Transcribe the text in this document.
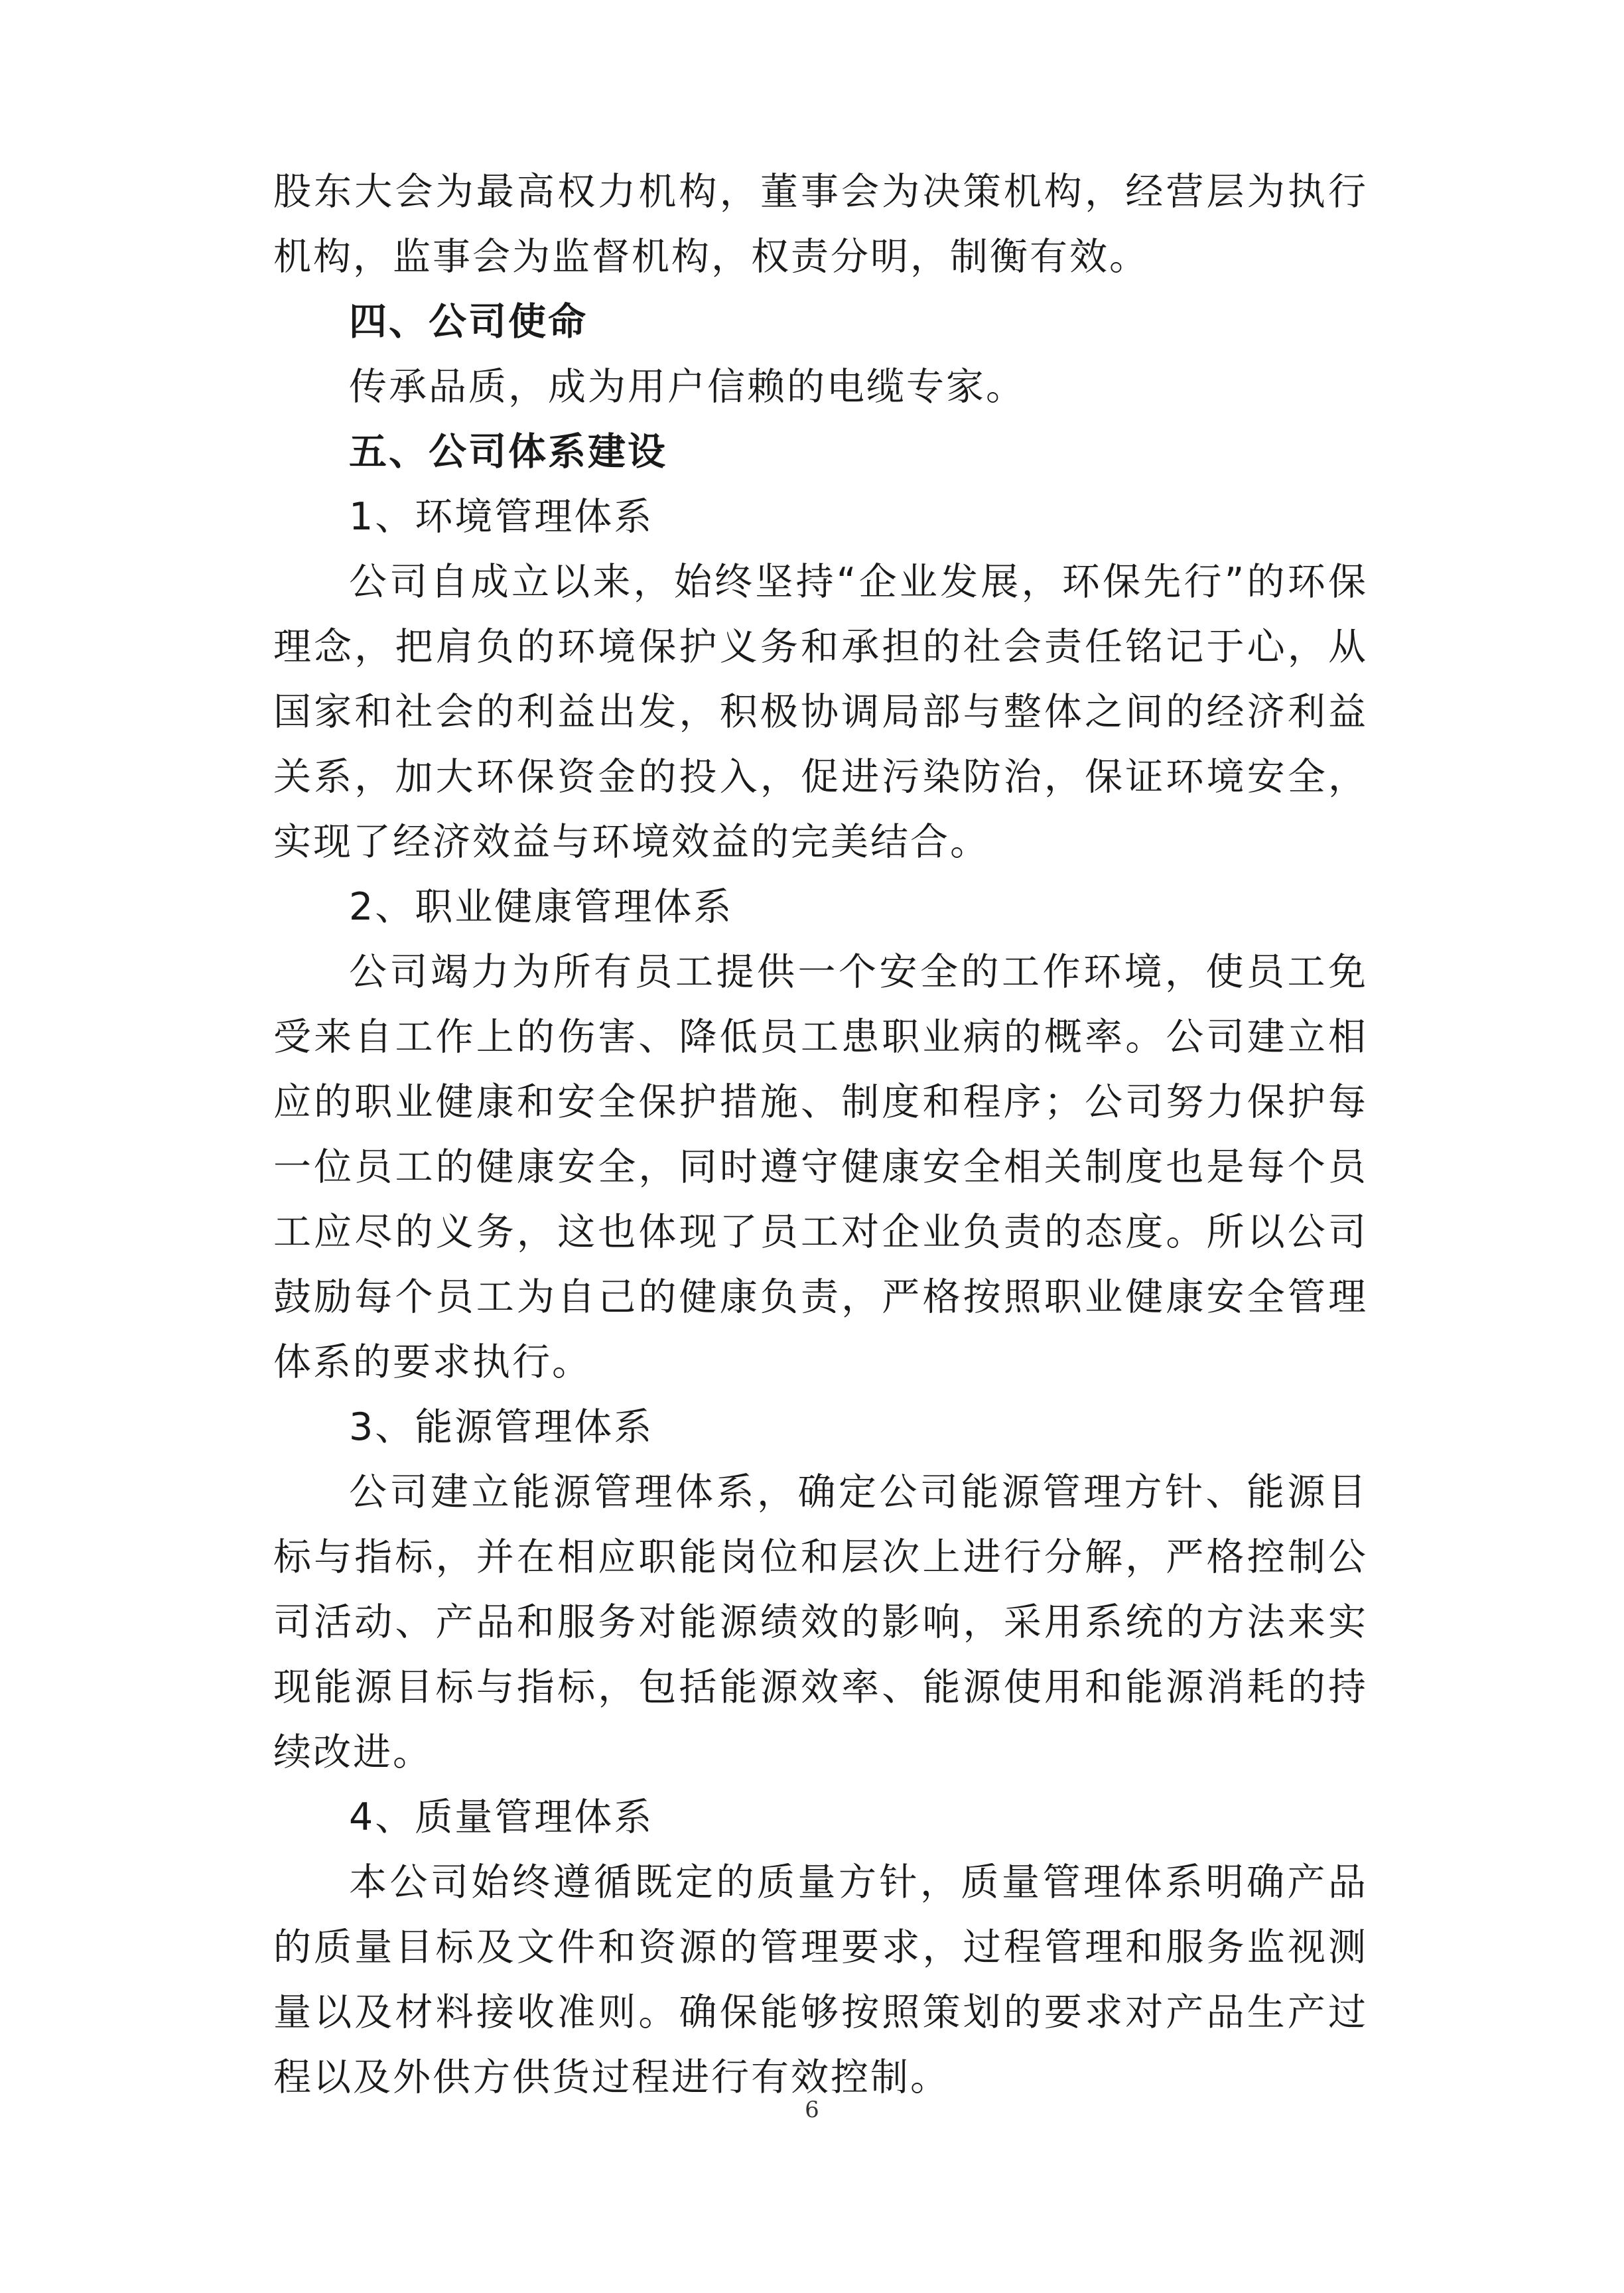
股东大会为最高权力机构，董事会为决策机构，经营层为执行机构，监事会为监督机构，权责分明，制衡有效。

四、公司使命

传承品质，成为用户信赖的电缆专家。

五、公司体系建设

1、环境管理体系

公司自成立以来，始终坚持“企业发展，环保先行”的环保理念，把肩负的环境保护义务和承担的社会责任铭记于心，从国家和社会的利益出发，积极协调局部与整体之间的经济利益关系，加大环保资金的投入，促进污染防治，保证环境安全，实现了经济效益与环境效益的完美结合。

2、职业健康管理体系

公司竭力为所有员工提供一个安全的工作环境，使员工免受来自工作上的伤害、降低员工患职业病的概率。公司建立相应的职业健康和安全保护措施、制度和程序；公司努力保护每一位员工的健康安全，同时遵守健康安全相关制度也是每个员工应尽的义务，这也体现了员工对企业负责的态度。所以公司鼓励每个员工为自己的健康负责，严格按照职业健康安全管理体系的要求执行。

3、能源管理体系

公司建立能源管理体系，确定公司能源管理方针、能源目标与指标，并在相应职能岗位和层次上进行分解，严格控制公司活动、产品和服务对能源绩效的影响，采用系统的方法来实现能源目标与指标，包括能源效率、能源使用和能源消耗的持续改进。

4、质量管理体系

本公司始终遵循既定的质量方针，质量管理体系明确产品的质量目标及文件和资源的管理要求，过程管理和服务监视测量以及材料接收准则。确保能够按照策划的要求对产品生产过程以及外供方供货过程进行有效控制。

6
